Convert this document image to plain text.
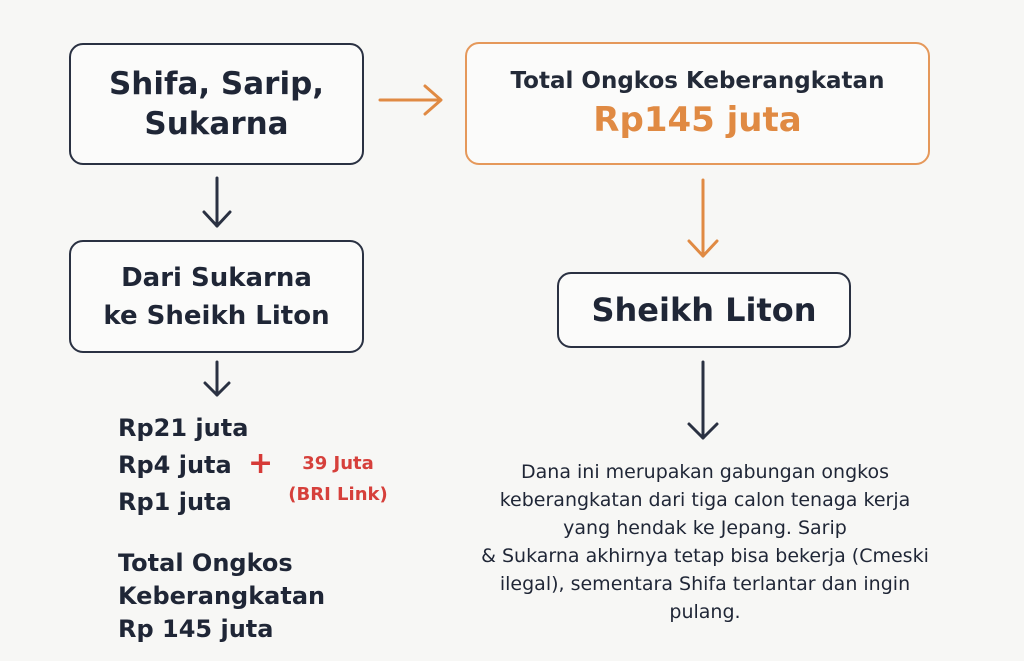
Shifa, Sarip,
Sukarna
Total Ongkos Keberangkatan
Rp145 juta
Dari Sukarna
ke Sheikh Liton	Sheikh Liton
Rp21 juta
Rp4 juta
Rp1 juta
+	39 Juta
(BRI Link)
Total Ongkos
Keberangkatan
Rp 145 juta
Dana ini merupakan gabungan ongkos
keberangkatan dari tiga calon tenaga kerja
yang hendak ke Jepang. Sarip
& Sukarna akhirnya tetap bisa bekerja (Cmeski
ilegal), sementara Shifa terlantar dan ingin
pulang.
